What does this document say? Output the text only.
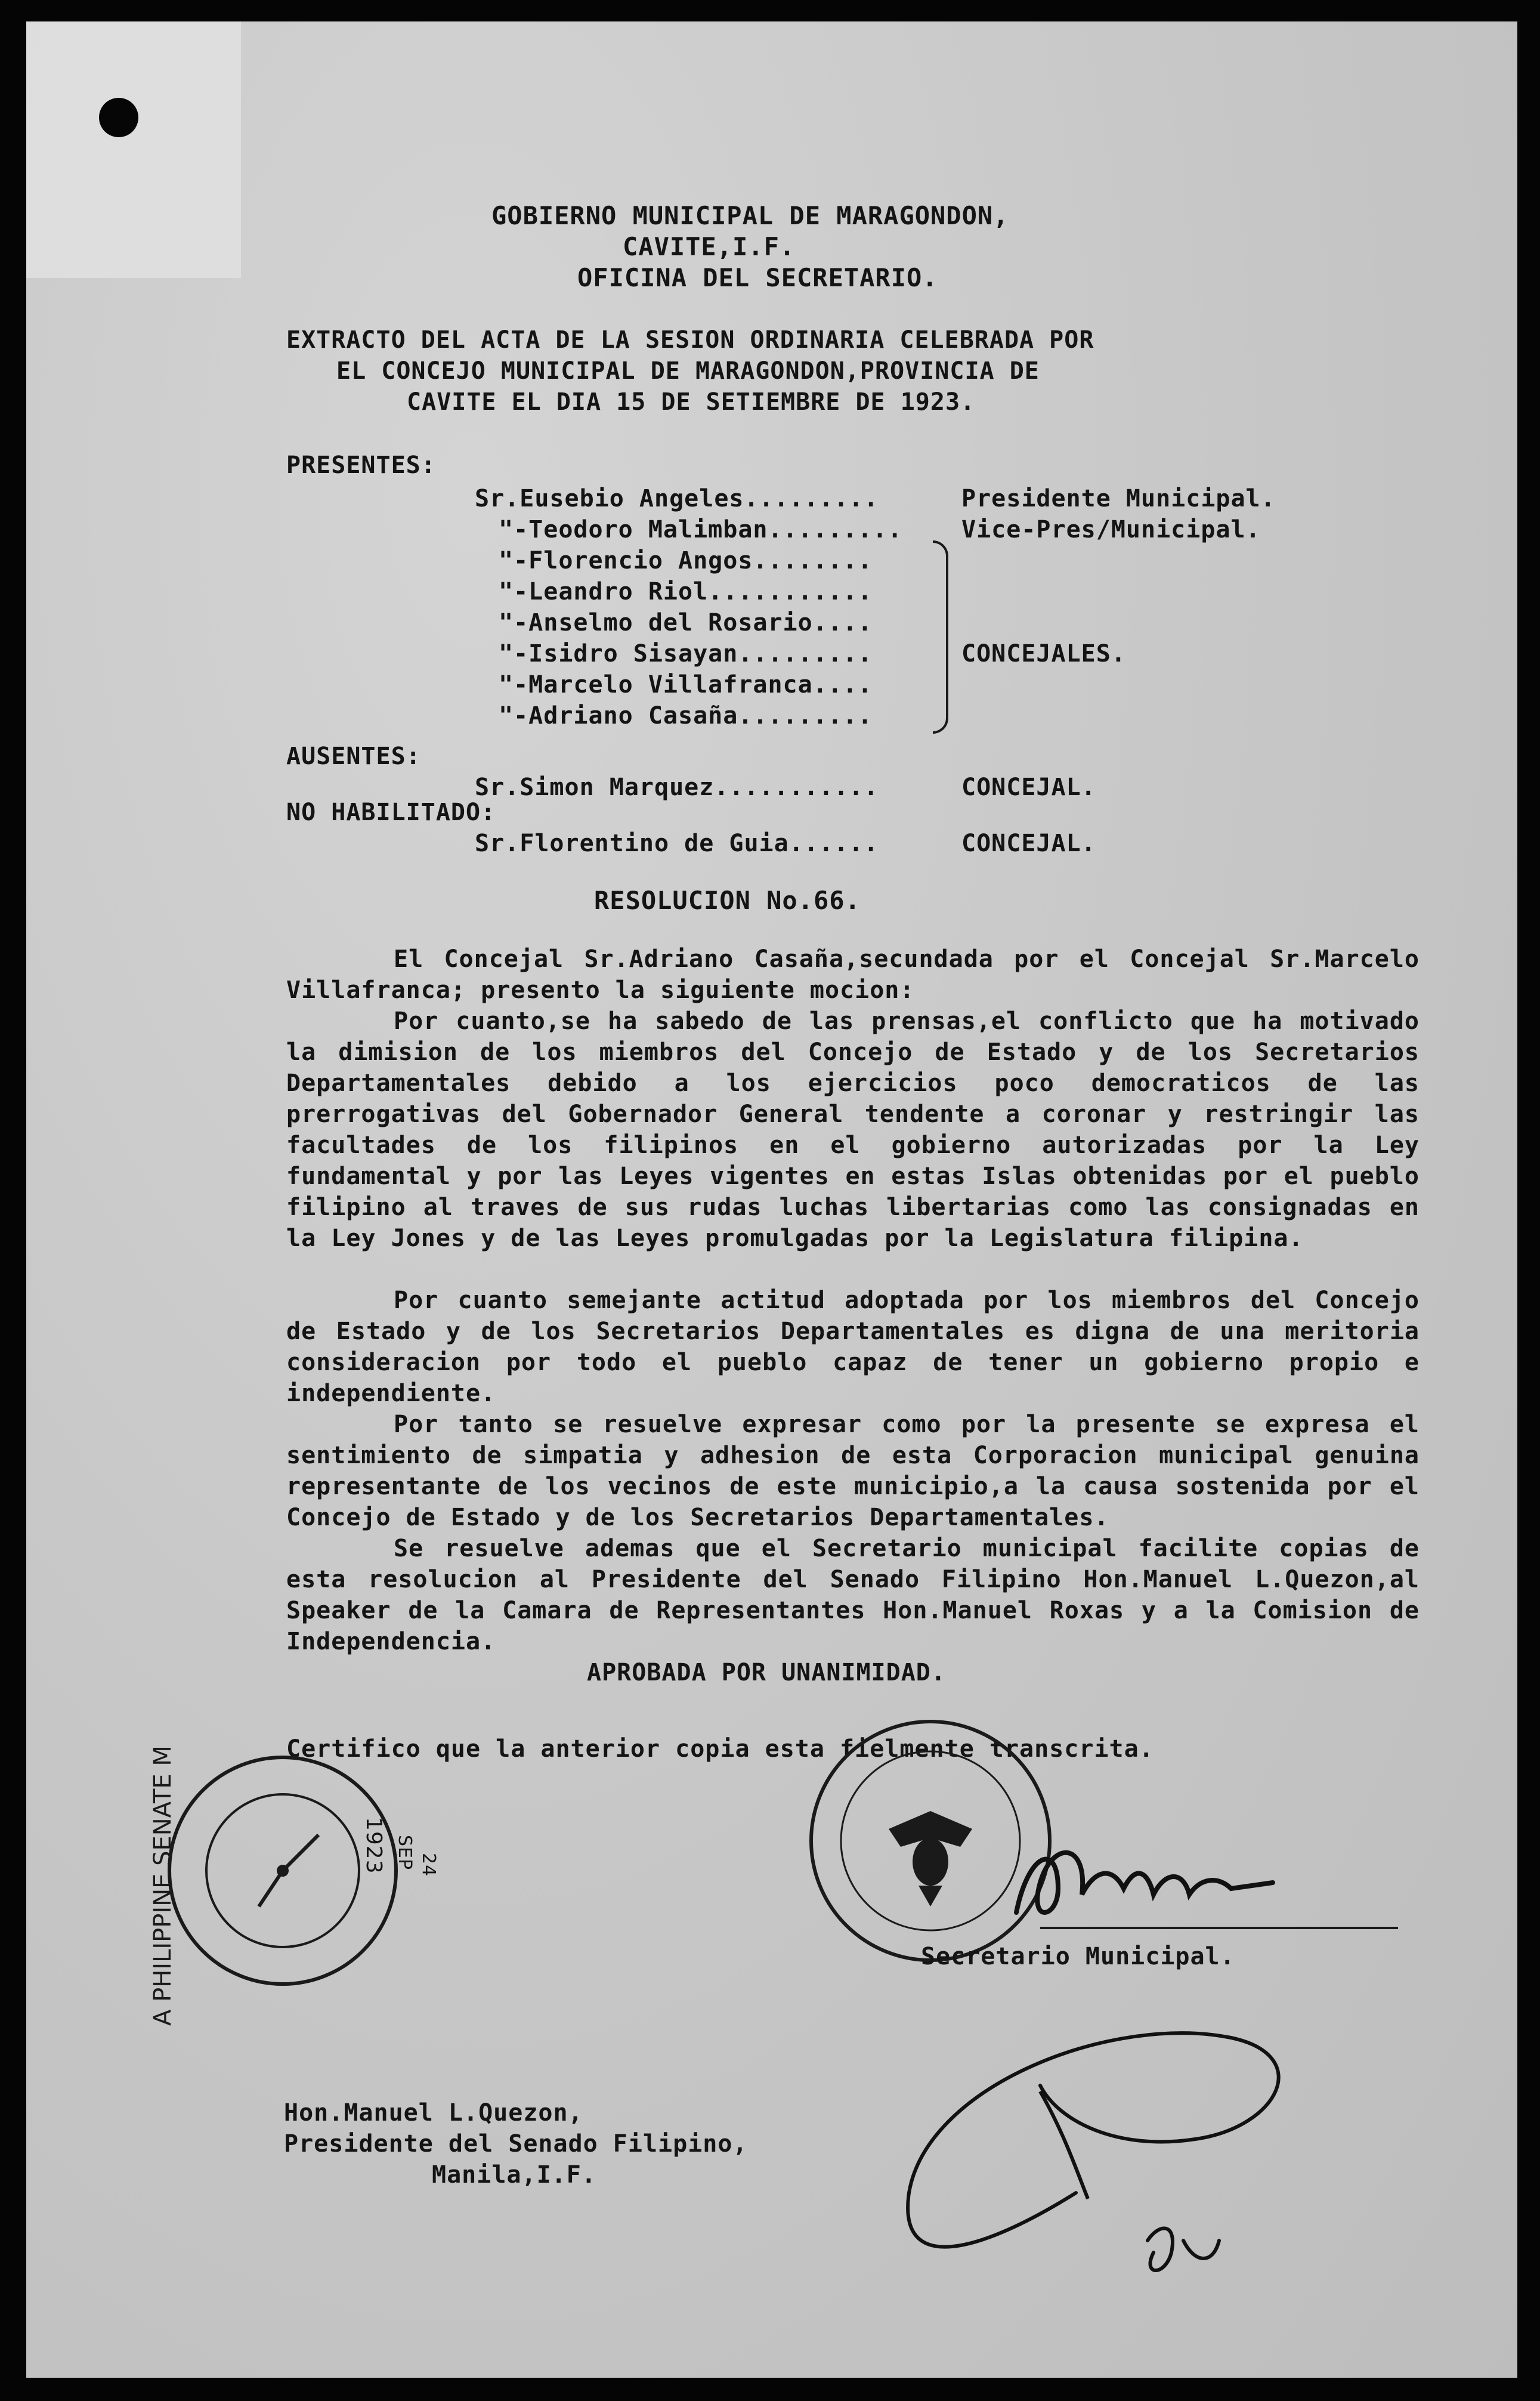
GOBIERNO MUNICIPAL DE MARAGONDON,
CAVITE,I.F.
OFICINA DEL SECRETARIO.
EXTRACTO DEL ACTA DE LA SESION ORDINARIA CELEBRADA POR
EL CONCEJO MUNICIPAL DE MARAGONDON,PROVINCIA DE
CAVITE EL DIA 15 DE SETIEMBRE DE 1923.
PRESENTES:
Sr.Eusebio Angeles.........	Presidente Municipal.
"-Teodoro Malimban......... Vice-Pres/Municipal.
"-Florencio Angos........
"-Leandro Riol...........
"-Anselmo del Rosario....
"-Isidro Sisayan.........	CONCEJALES.
"-Marcelo Villafranca....
"-Adriano Casaña.........
AUSENTES:
Sr.Simon Marquez...........	CONCEJAL.
NO HABILITADO:
Sr.Florentino de Guia......	CONCEJAL.
RESOLUCION No.66.
El Concejal Sr.Adriano Casaña,secundada por el Concejal Sr.Marcelo Villafranca; presento la siguiente mocion:
Por cuanto,se ha sabedo de las prensas,el conflicto que ha motivado la dimision de los miembros del Concejo de Estado y de los Secretarios Departamentales debido a los ejercicios poco democraticos de las prerrogativas del Gobernador General tendente a coronar y restringir las facultades de los filipinos en el gobierno autorizadas por la Ley fundamental y por las Leyes vigentes en estas Islas obtenidas por el pueblo filipino al traves de sus rudas luchas libertarias como las consignadas en la Ley Jones y de las Leyes promulgadas por la Legislatura filipina.
Por cuanto semejante actitud adoptada por los miembros del Concejo de Estado y de los Secretarios Departamentales es digna de una meritoria consideracion por todo el pueblo capaz de tener un gobierno propio e independiente.
Por tanto se resuelve expresar como por la presente se expresa el sentimiento de simpatia y adhesion de esta Corporacion municipal genuina representante de los vecinos de este municipio,a la causa sostenida por el Concejo de Estado y de los Secretarios Departamentales.
Se resuelve ademas que el Secretario municipal facilite copias de esta resolucion al Presidente del Senado Filipino Hon.Manuel L.Quezon,al Speaker de la Camara de Representantes Hon.Manuel Roxas y a la Comision de Independencia.
APROBADA POR UNANIMIDAD.
Certifico que la anterior copia esta fielmente transcrita.
A PHILIPPINE SENATE M	1923 SEP 24
Secretario Municipal.
Hon.Manuel L.Quezon,
Presidente del Senado Filipino,
Manila,I.F.
